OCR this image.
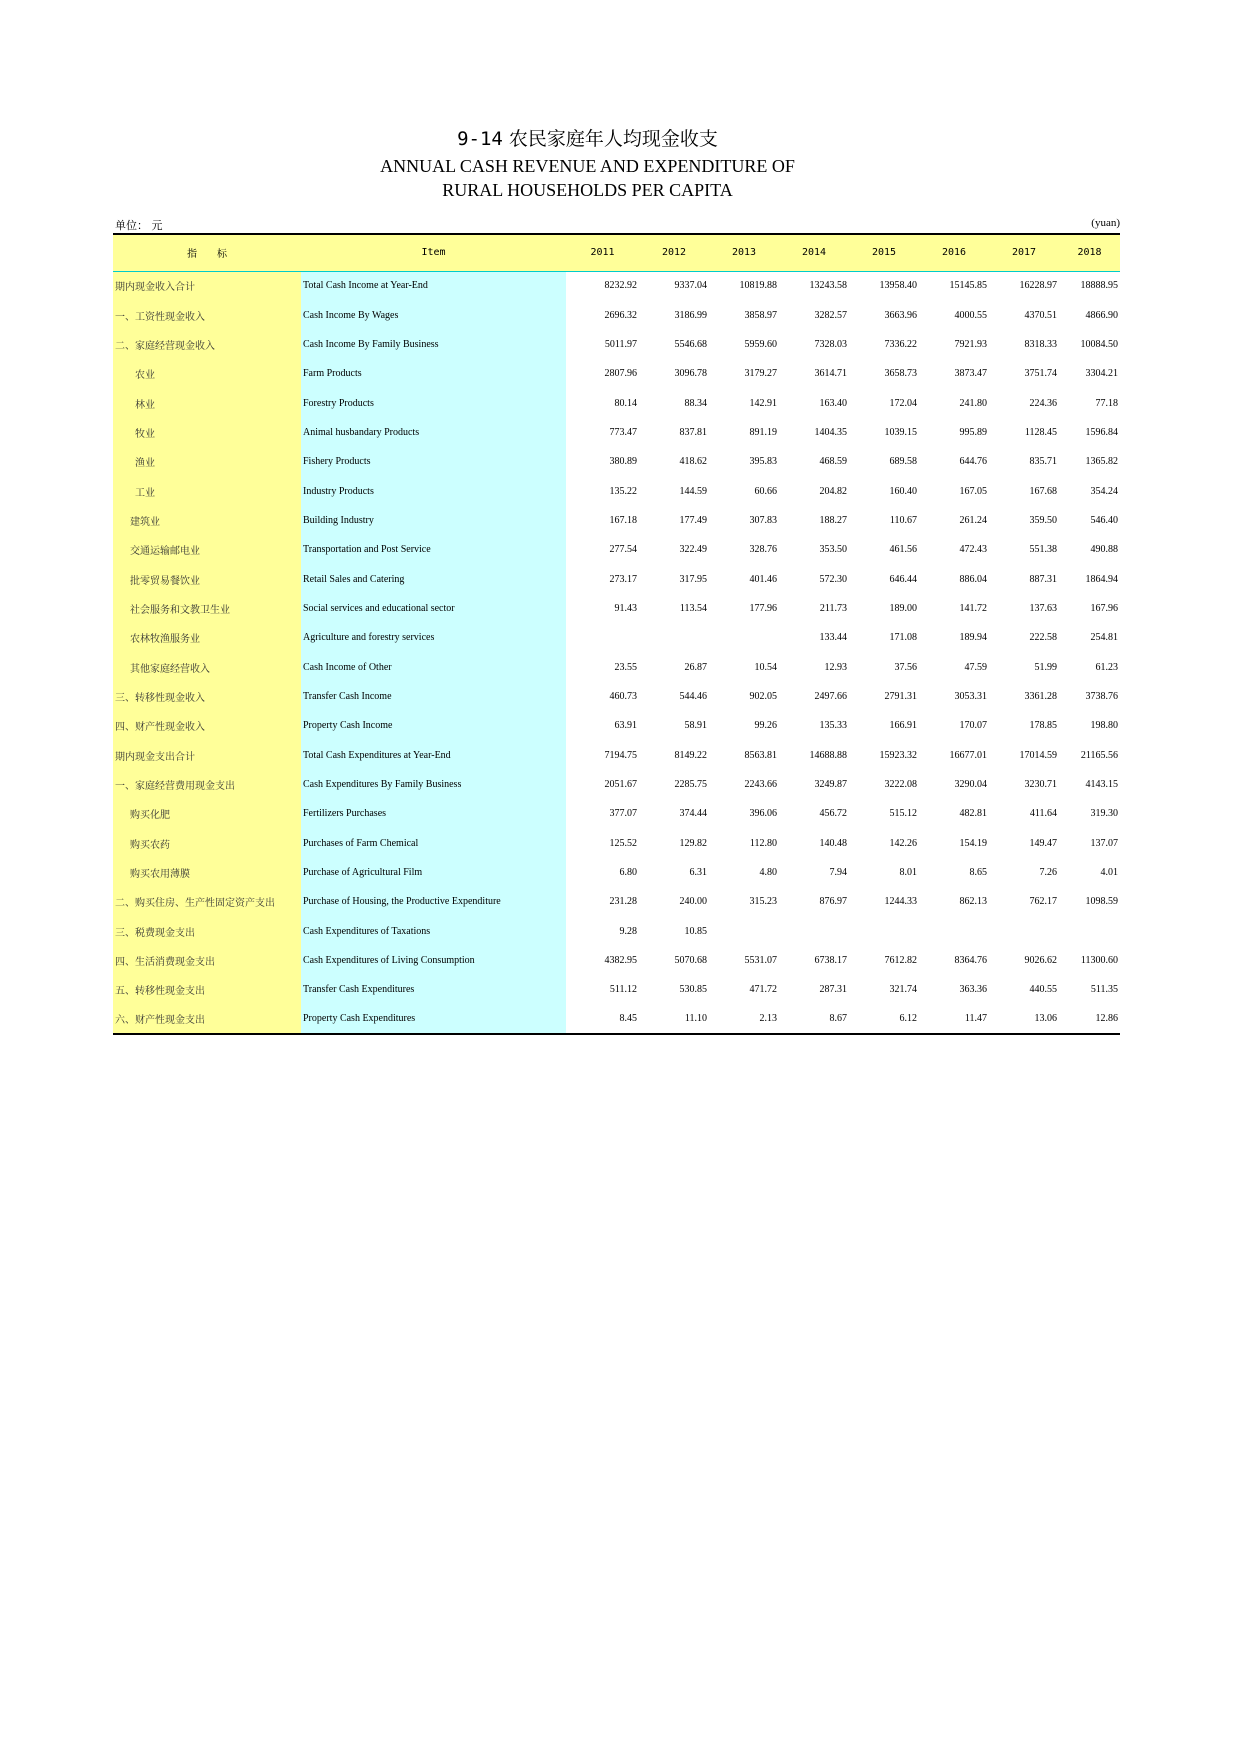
9-14 农民家庭年人均现金收支
ANNUAL CASH REVENUE AND EXPENDITURE OF
RURAL HOUSEHOLDS PER CAPITA
单位： 元	(yuan)
指　　标	Item	2011	2012	2013	2014	2015	2016	2017	2018
期内现金收入合计	Total Cash Income at Year-End	8232.92	9337.04	10819.88	13243.58	13958.40	15145.85	16228.97	18888.95
一、工资性现金收入	Cash Income By Wages	2696.32	3186.99	3858.97	3282.57	3663.96	4000.55	4370.51	4866.90
二、家庭经营现金收入	Cash Income By Family Business	5011.97	5546.68	5959.60	7328.03	7336.22	7921.93	8318.33	10084.50
农业	Farm Products	2807.96	3096.78	3179.27	3614.71	3658.73	3873.47	3751.74	3304.21
林业	Forestry Products	80.14	88.34	142.91	163.40	172.04	241.80	224.36	77.18
牧业	Animal husbandary Products	773.47	837.81	891.19	1404.35	1039.15	995.89	1128.45	1596.84
渔业	Fishery Products	380.89	418.62	395.83	468.59	689.58	644.76	835.71	1365.82
工业	Industry Products	135.22	144.59	60.66	204.82	160.40	167.05	167.68	354.24
建筑业	Building Industry	167.18	177.49	307.83	188.27	110.67	261.24	359.50	546.40
交通运输邮电业	Transportation and Post Service	277.54	322.49	328.76	353.50	461.56	472.43	551.38	490.88
批零贸易餐饮业	Retail Sales and Catering	273.17	317.95	401.46	572.30	646.44	886.04	887.31	1864.94
社会服务和文教卫生业	Social services and educational sector	91.43	113.54	177.96	211.73	189.00	141.72	137.63	167.96
农林牧渔服务业	Agriculture and forestry services				133.44	171.08	189.94	222.58	254.81
其他家庭经营收入	Cash Income of Other	23.55	26.87	10.54	12.93	37.56	47.59	51.99	61.23
三、转移性现金收入	Transfer Cash Income	460.73	544.46	902.05	2497.66	2791.31	3053.31	3361.28	3738.76
四、财产性现金收入	Property Cash Income	63.91	58.91	99.26	135.33	166.91	170.07	178.85	198.80
期内现金支出合计	Total Cash Expenditures at Year-End	7194.75	8149.22	8563.81	14688.88	15923.32	16677.01	17014.59	21165.56
一、家庭经营费用现金支出	Cash Expenditures By Family Business	2051.67	2285.75	2243.66	3249.87	3222.08	3290.04	3230.71	4143.15
购买化肥	Fertilizers Purchases	377.07	374.44	396.06	456.72	515.12	482.81	411.64	319.30
购买农药	Purchases of Farm Chemical	125.52	129.82	112.80	140.48	142.26	154.19	149.47	137.07
购买农用薄膜	Purchase of Agricultural Film	6.80	6.31	4.80	7.94	8.01	8.65	7.26	4.01
二、购买住房、生产性固定资产支出	Purchase of Housing, the Productive Expenditure	231.28	240.00	315.23	876.97	1244.33	862.13	762.17	1098.59
三、税费现金支出	Cash Expenditures of Taxations	9.28	10.85						
四、生活消费现金支出	Cash Expenditures of Living Consumption	4382.95	5070.68	5531.07	6738.17	7612.82	8364.76	9026.62	11300.60
五、转移性现金支出	Transfer Cash Expenditures	511.12	530.85	471.72	287.31	321.74	363.36	440.55	511.35
六、财产性现金支出	Property Cash Expenditures	8.45	11.10	2.13	8.67	6.12	11.47	13.06	12.86
